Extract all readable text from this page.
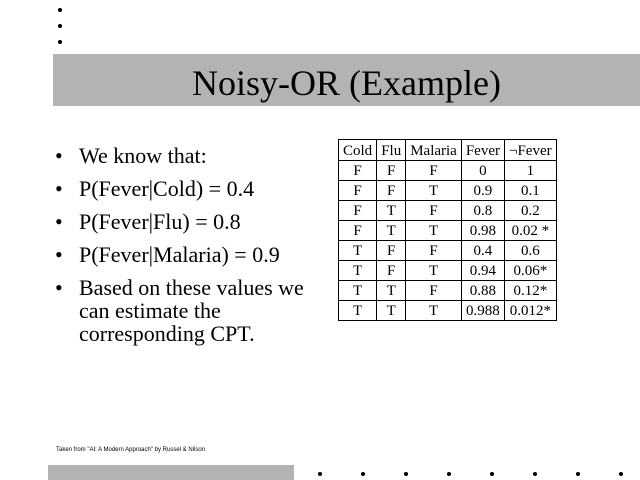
Noisy-OR (Example)
• We know that:
• P(Fever|Cold) = 0.4
• P(Fever|Flu) = 0.8
• P(Fever|Malaria) = 0.9
• Based on these values we can estimate the corresponding CPT.
Cold	Flu	Malaria	Fever	¬Fever
F	F	F	0	1
F	F	T	0.9	0.1
F	T	F	0.8	0.2
F	T	T	0.98	0.02 *
T	F	F	0.4	0.6
T	F	T	0.94	0.06*
T	T	F	0.88	0.12*
T	T	T	0.988	0.012*
Taken from "AI: A Modern Approach" by Russel & Nilson
